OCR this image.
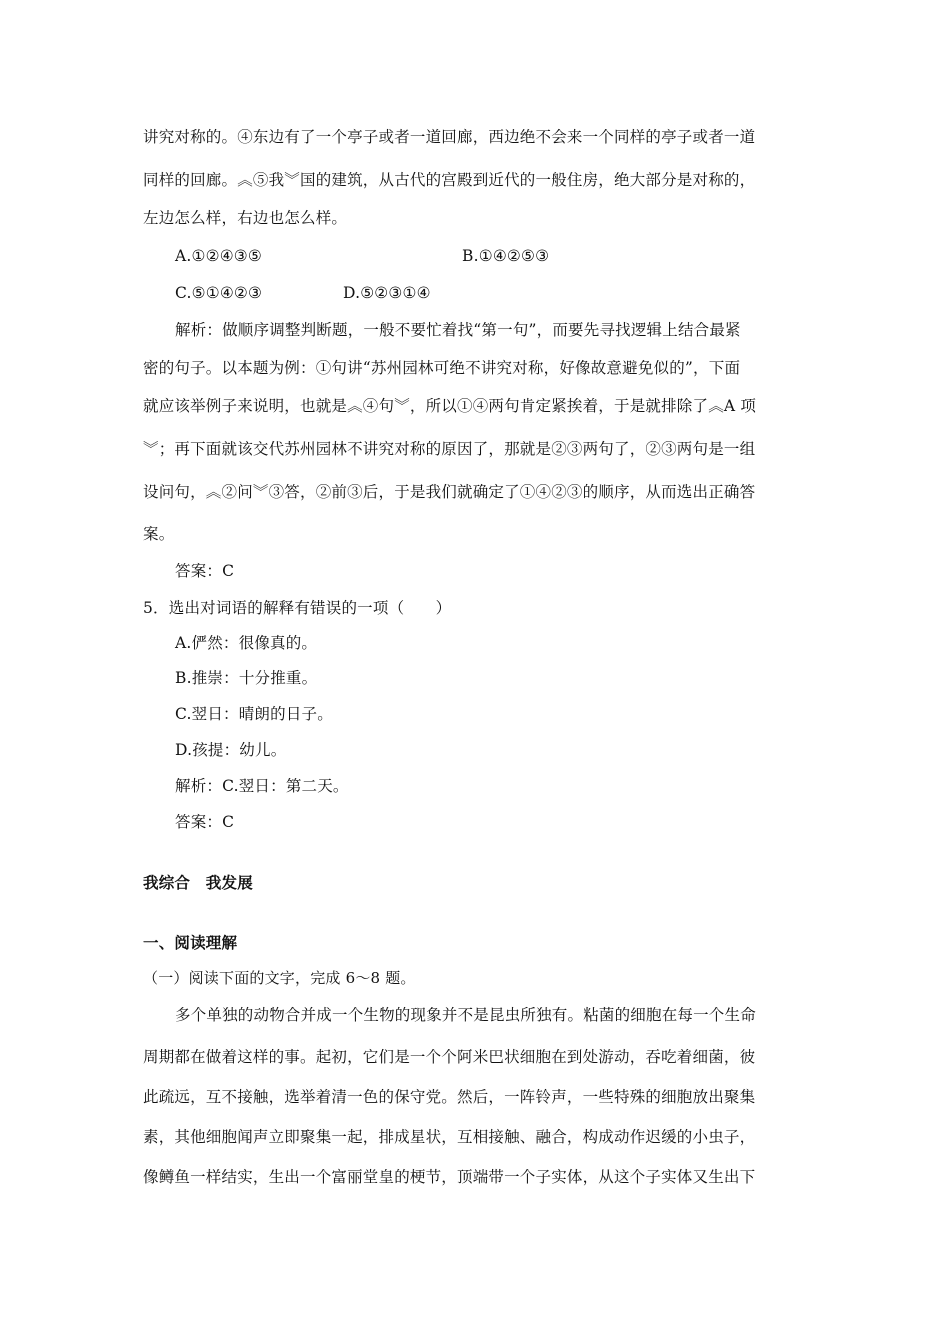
讲究对称的。④东边有了一个亭子或者一道回廊，西边绝不会来一个同样的亭子或者一道
同样的回廊。︽⑤我︾国的建筑，从古代的宫殿到近代的一般住房，绝大部分是对称的，
左边怎么样，右边也怎么样。
A.①②④③⑤	B.①④②⑤③
C.⑤①④②③	D.⑤②③①④
解析：做顺序调整判断题，一般不要忙着找“第一句”，而要先寻找逻辑上结合最紧
密的句子。以本题为例：①句讲“苏州园林可绝不讲究对称，好像故意避免似的”，下面
就应该举例子来说明，也就是︽④句︾，所以①④两句肯定紧挨着，于是就排除了︽A 项
︾；再下面就该交代苏州园林不讲究对称的原因了，那就是②③两句了，②③两句是一组
设问句，︽②问︾③答，②前③后，于是我们就确定了①④②③的顺序，从而选出正确答
案。
答案：C
5．选出对词语的解释有错误的一项（　　）
A.俨然：很像真的。
B.推崇：十分推重。
C.翌日：晴朗的日子。
D.孩提：幼儿。
解析：C.翌日：第二天。
答案：C
我综合　我发展
一、阅读理解
（一）阅读下面的文字，完成 6～8 题。
多个单独的动物合并成一个生物的现象并不是昆虫所独有。粘菌的细胞在每一个生命
周期都在做着这样的事。起初，它们是一个个阿米巴状细胞在到处游动，吞吃着细菌，彼
此疏远，互不接触，选举着清一色的保守党。然后，一阵铃声，一些特殊的细胞放出聚集
素，其他细胞闻声立即聚集一起，排成星状，互相接触、融合，构成动作迟缓的小虫子，
像鳟鱼一样结实，生出一个富丽堂皇的梗节，顶端带一个子实体，从这个子实体又生出下
